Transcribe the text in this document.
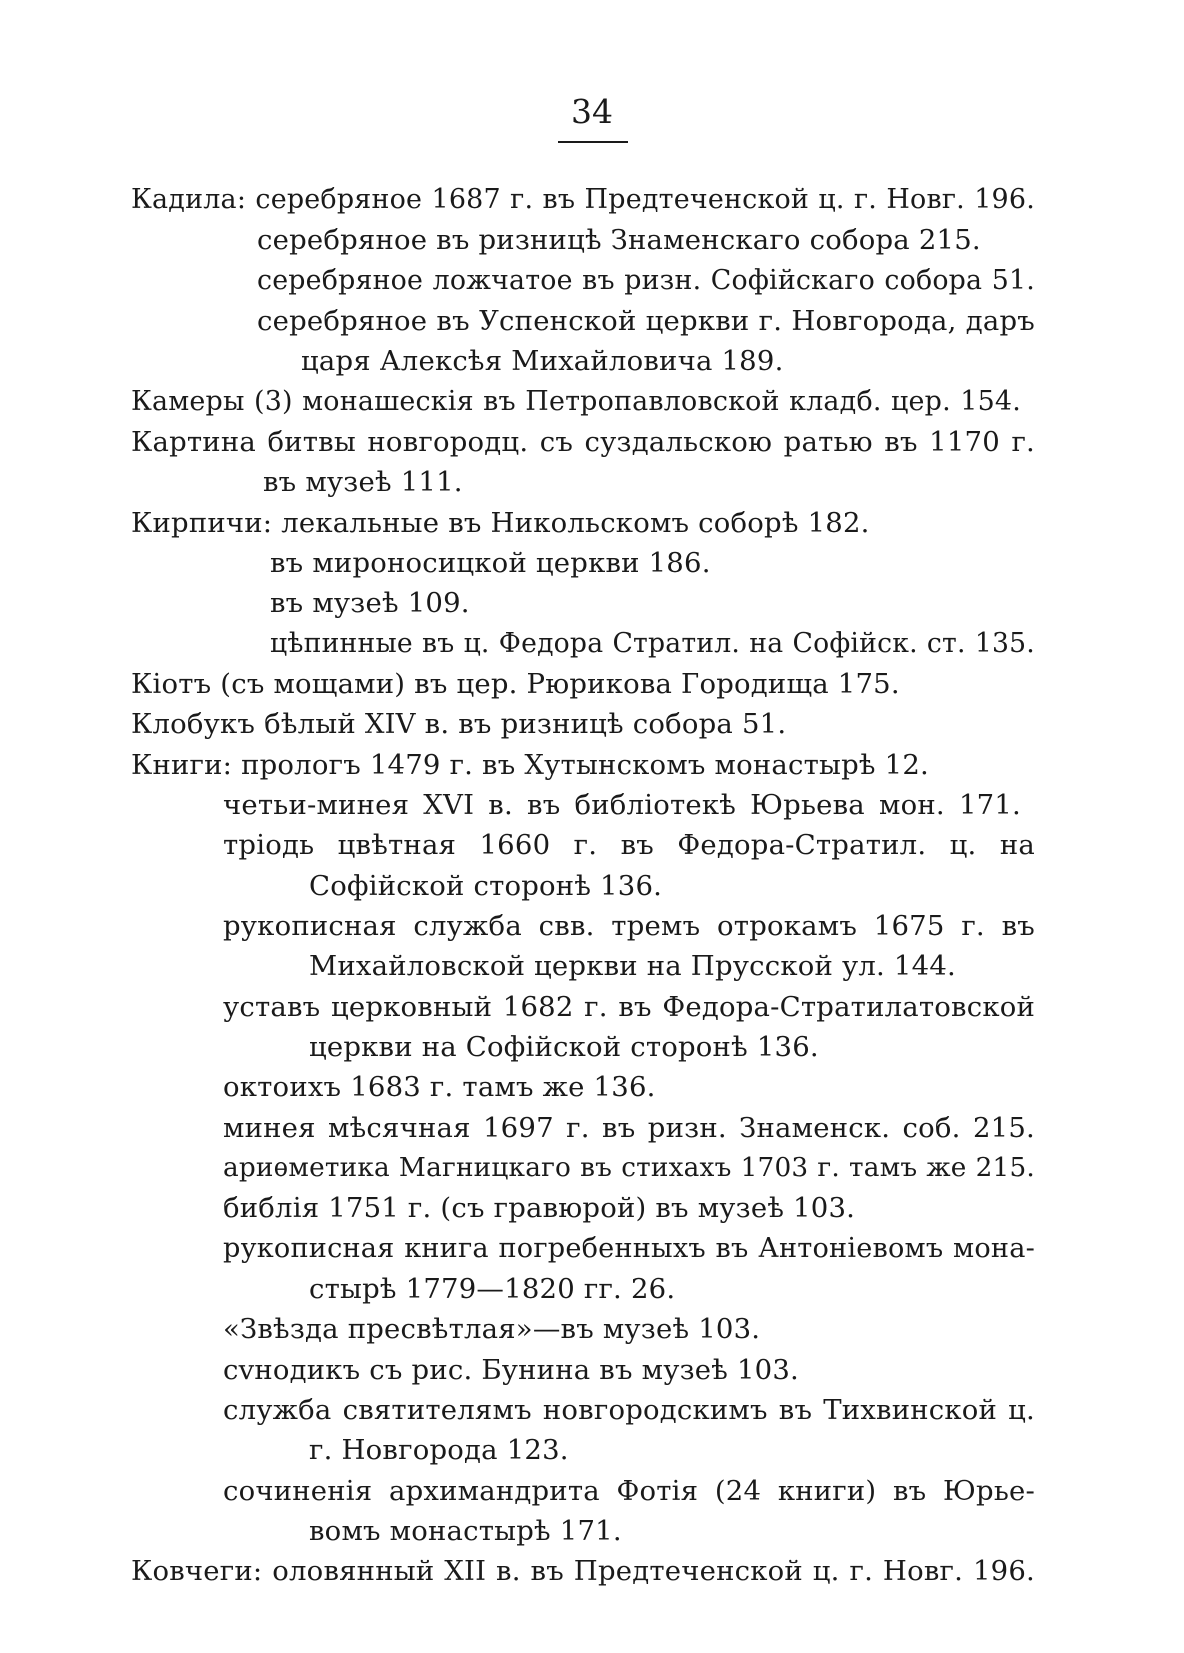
34
Кадила: серебряное 1687 г. въ Предтеченской ц. г. Новг. 196.
серебряное въ ризницѣ Знаменскаго собора 215.
серебряное ложчатое въ ризн. Софійскаго собора 51.
серебряное въ Успенской церкви г. Новгорода, даръ
царя Алексѣя Михайловича 189.
Камеры (3) монашескія въ Петропавловской кладб. цер. 154.
Картина битвы новгородц. съ суздальскою ратью въ 1170 г.
въ музеѣ 111.
Кирпичи: лекальные въ Никольскомъ соборѣ 182.
въ мироносицкой церкви 186.
въ музеѣ 109.
цѣпинные въ ц. Федора Стратил. на Софійск. ст. 135.
Кіотъ (съ мощами) въ цер. Рюрикова Городища 175.
Клобукъ бѣлый XIV в. въ ризницѣ собора 51.
Книги: прологъ 1479 г. въ Хутынскомъ монастырѣ 12.
четьи-минея XVI в. въ библіотекѣ Юрьева мон. 171.
тріодь цвѣтная 1660 г. въ Федора-Стратил. ц. на
Софійской сторонѣ 136.
рукописная служба свв. тремъ отрокамъ 1675 г. въ
Михайловской церкви на Прусской ул. 144.
уставъ церковный 1682 г. въ Федора-Стратилатовской
церкви на Софійской сторонѣ 136.
октоихъ 1683 г. тамъ же 136.
минея мѣсячная 1697 г. въ ризн. Знаменск. соб. 215.
ариѳметика Магницкаго въ стихахъ 1703 г. тамъ же 215.
библія 1751 г. (съ гравюрой) въ музеѣ 103.
рукописная книга погребенныхъ въ Антоніевомъ мона-
стырѣ 1779—1820 гг. 26.
«Звѣзда пресвѣтлая»—въ музеѣ 103.
сvнодикъ съ рис. Бунина въ музеѣ 103.
служба святителямъ новгородскимъ въ Тихвинской ц.
г. Новгорода 123.
сочиненія архимандрита Фотія (24 книги) въ Юрье-
вомъ монастырѣ 171.
Ковчеги: оловянный XII в. въ Предтеченской ц. г. Новг. 196.
